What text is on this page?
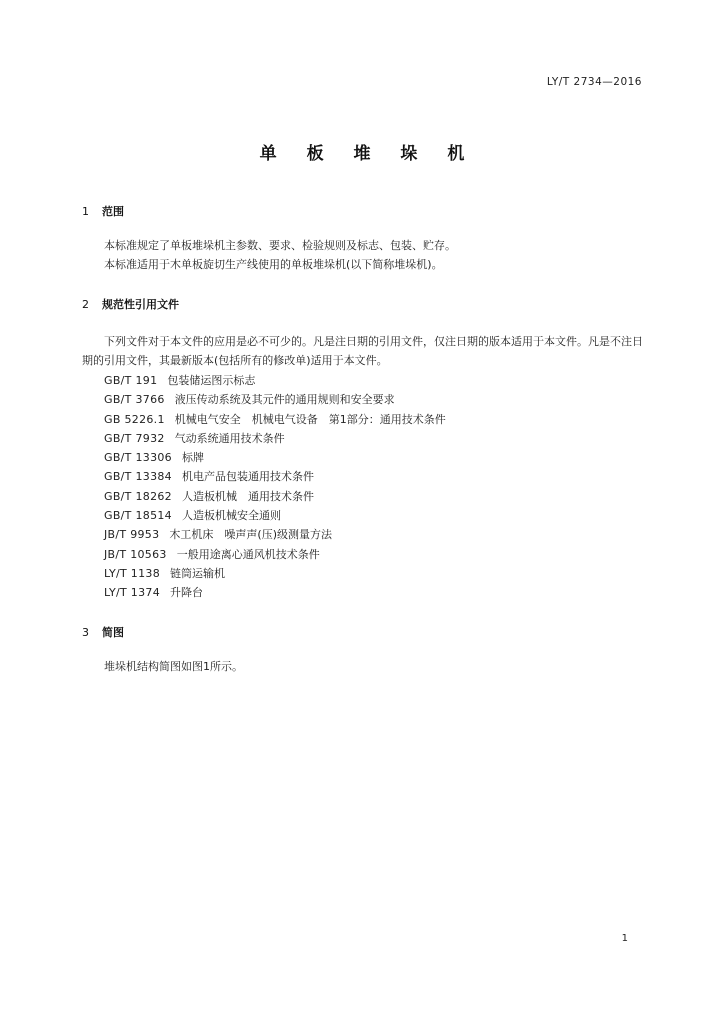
LY/T 2734—2016
单 板 堆 垛 机
1 范围
本标准规定了单板堆垛机主参数、要求、检验规则及标志、包装、贮存。
本标准适用于木单板旋切生产线使用的单板堆垛机(以下简称堆垛机)。
2 规范性引用文件
下列文件对于本文件的应用是必不可少的。凡是注日期的引用文件，仅注日期的版本适用于本文件。凡是不注日期的引用文件，其最新版本(包括所有的修改单)适用于本文件。
GB/T 191 包装储运图示标志
GB/T 3766 液压传动系统及其元件的通用规则和安全要求
GB 5226.1 机械电气安全　机械电气设备　第1部分：通用技术条件
GB/T 7932 气动系统通用技术条件
GB/T 13306 标牌
GB/T 13384 机电产品包装通用技术条件
GB/T 18262 人造板机械　通用技术条件
GB/T 18514 人造板机械安全通则
JB/T 9953 木工机床　噪声声(压)级测量方法
JB/T 10563 一般用途离心通风机技术条件
LY/T 1138 链筒运输机
LY/T 1374 升降台
3 简图
堆垛机结构简图如图1所示。
1
